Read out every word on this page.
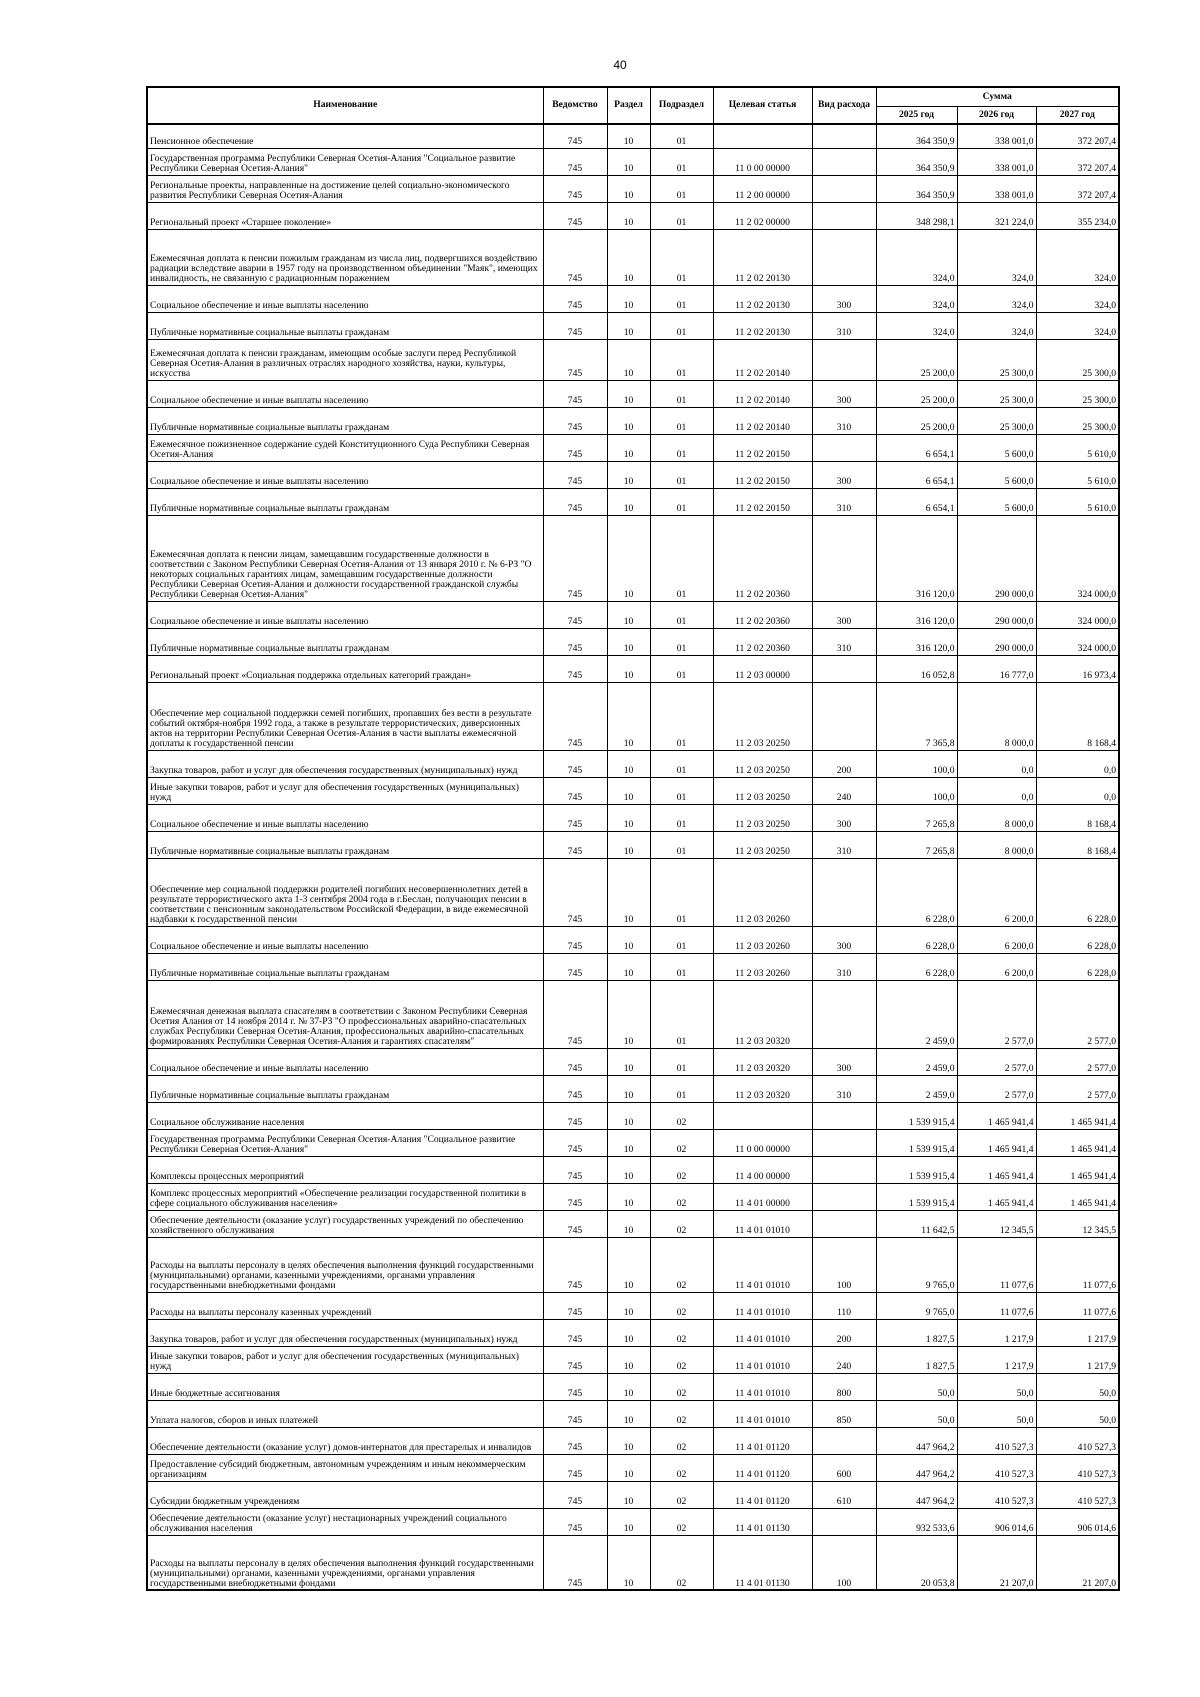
40
Наименование	Ведомство	Раздел	Подраздел	Целевая статья	Вид расхода	Сумма		
						2025 год	2026 год	2027 год
Пенсионное обеспечение	745	10	01			364 350,9	338 001,0	372 207,4
Государственная программа Республики Северная Осетия-Алания "Социальное развитие Республики Северная Осетия-Алания"	745	10	01	11 0 00 00000		364 350,9	338 001,0	372 207,4
Региональные проекты, направленные на достижение целей социально-экономического развития Республики Северная Осетия-Алания	745	10	01	11 2 00 00000		364 350,9	338 001,0	372 207,4
Региональный проект «Старшее поколение»	745	10	01	11 2 02 00000		348 298,1	321 224,0	355 234,0
Ежемесячная доплата к пенсии пожилым гражданам из числа лиц, подвергшихся воздействию радиации вследствие аварии в 1957 году на производственном объединении "Маяк", имеющих инвалидность, не связанную с радиационным поражением	745	10	01	11 2 02 20130		324,0	324,0	324,0
Социальное обеспечение и иные выплаты населению	745	10	01	11 2 02 20130	300	324,0	324,0	324,0
Публичные нормативные социальные выплаты гражданам	745	10	01	11 2 02 20130	310	324,0	324,0	324,0
Ежемесячная доплата к пенсии гражданам, имеющим особые заслуги перед Республикой Северная Осетия-Алания в различных отраслях народного хозяйства, науки, культуры, искусства	745	10	01	11 2 02 20140		25 200,0	25 300,0	25 300,0
Социальное обеспечение и иные выплаты населению	745	10	01	11 2 02 20140	300	25 200,0	25 300,0	25 300,0
Публичные нормативные социальные выплаты гражданам	745	10	01	11 2 02 20140	310	25 200,0	25 300,0	25 300,0
Ежемесячное пожизненное содержание судей Конституционного Суда Республики Северная Осетия-Алания	745	10	01	11 2 02 20150		6 654,1	5 600,0	5 610,0
Социальное обеспечение и иные выплаты населению	745	10	01	11 2 02 20150	300	6 654,1	5 600,0	5 610,0
Публичные нормативные социальные выплаты гражданам	745	10	01	11 2 02 20150	310	6 654,1	5 600,0	5 610,0
Ежемесячная доплата к пенсии лицам, замещавшим государственные должности в соответствии с Законом Республики Северная Осетия-Алания от 13 января 2010 г. № 6-РЗ "О некоторых социальных гарантиях лицам, замещавшим государственные должности Республики Северная Осетия-Алания и должности государственной гражданской службы Республики Северная Осетия-Алания"	745	10	01	11 2 02 20360		316 120,0	290 000,0	324 000,0
Социальное обеспечение и иные выплаты населению	745	10	01	11 2 02 20360	300	316 120,0	290 000,0	324 000,0
Публичные нормативные социальные выплаты гражданам	745	10	01	11 2 02 20360	310	316 120,0	290 000,0	324 000,0
Региональный проект «Социальная поддержка отдельных категорий граждан»	745	10	01	11 2 03 00000		16 052,8	16 777,0	16 973,4
Обеспечение мер социальной поддержки семей погибших, пропавших без вести в результате событий октября-ноября 1992 года, а также в результате террористических, диверсионных актов на территории Республики Северная Осетия-Алания в части выплаты ежемесячной доплаты к государственной пенсии	745	10	01	11 2 03 20250		7 365,8	8 000,0	8 168,4
Закупка товаров, работ и услуг для обеспечения государственных (муниципальных) нужд	745	10	01	11 2 03 20250	200	100,0	0,0	0,0
Иные закупки товаров, работ и услуг для обеспечения государственных (муниципальных) нужд	745	10	01	11 2 03 20250	240	100,0	0,0	0,0
Социальное обеспечение и иные выплаты населению	745	10	01	11 2 03 20250	300	7 265,8	8 000,0	8 168,4
Публичные нормативные социальные выплаты гражданам	745	10	01	11 2 03 20250	310	7 265,8	8 000,0	8 168,4
Обеспечение мер социальной поддержки родителей погибших несовершеннолетних детей в результате террористического акта 1-3 сентября 2004 года в г.Беслан, получающих пенсии в соответствии с пенсионным законодательством Российской Федерации, в виде ежемесячной надбавки к государственной пенсии	745	10	01	11 2 03 20260		6 228,0	6 200,0	6 228,0
Социальное обеспечение и иные выплаты населению	745	10	01	11 2 03 20260	300	6 228,0	6 200,0	6 228,0
Публичные нормативные социальные выплаты гражданам	745	10	01	11 2 03 20260	310	6 228,0	6 200,0	6 228,0
Ежемесячная денежная выплата спасателям в соответствии с Законом Республики Северная Осетия Алания от 14 ноября 2014 г. № 37-РЗ "О профессиональных аварийно-спасательных службах Республики Северная Осетия-Алания, профессиональных аварийно-спасательных формированиях Республики Северная Осетия-Алания и гарантиях спасателям"	745	10	01	11 2 03 20320		2 459,0	2 577,0	2 577,0
Социальное обеспечение и иные выплаты населению	745	10	01	11 2 03 20320	300	2 459,0	2 577,0	2 577,0
Публичные нормативные социальные выплаты гражданам	745	10	01	11 2 03 20320	310	2 459,0	2 577,0	2 577,0
Социальное обслуживание населения	745	10	02			1 539 915,4	1 465 941,4	1 465 941,4
Государственная программа Республики Северная Осетия-Алания "Социальное развитие Республики Северная Осетия-Алания"	745	10	02	11 0 00 00000		1 539 915,4	1 465 941,4	1 465 941,4
Комплексы процессных мероприятий	745	10	02	11 4 00 00000		1 539 915,4	1 465 941,4	1 465 941,4
Комплекс процессных мероприятий «Обеспечение реализации государственной политики в сфере социального обслуживания населения»	745	10	02	11 4 01 00000		1 539 915,4	1 465 941,4	1 465 941,4
Обеспечение деятельности (оказание услуг) государственных учреждений по обеспечению хозяйственного обслуживания	745	10	02	11 4 01 01010		11 642,5	12 345,5	12 345,5
Расходы на выплаты персоналу в целях обеспечения выполнения функций государственными (муниципальными) органами, казенными учреждениями, органами управления государственными внебюджетными фондами	745	10	02	11 4 01 01010	100	9 765,0	11 077,6	11 077,6
Расходы на выплаты персоналу казенных учреждений	745	10	02	11 4 01 01010	110	9 765,0	11 077,6	11 077,6
Закупка товаров, работ и услуг для обеспечения государственных (муниципальных) нужд	745	10	02	11 4 01 01010	200	1 827,5	1 217,9	1 217,9
Иные закупки товаров, работ и услуг для обеспечения государственных (муниципальных) нужд	745	10	02	11 4 01 01010	240	1 827,5	1 217,9	1 217,9
Иные бюджетные ассигнования	745	10	02	11 4 01 01010	800	50,0	50,0	50,0
Уплата налогов, сборов и иных платежей	745	10	02	11 4 01 01010	850	50,0	50,0	50,0
Обеспечение деятельности (оказание услуг) домов-интернатов для престарелых и инвалидов	745	10	02	11 4 01 01120		447 964,2	410 527,3	410 527,3
Предоставление субсидий бюджетным, автономным учреждениям и иным некоммерческим организациям	745	10	02	11 4 01 01120	600	447 964,2	410 527,3	410 527,3
Субсидии бюджетным учреждениям	745	10	02	11 4 01 01120	610	447 964,2	410 527,3	410 527,3
Обеспечение деятельности (оказание услуг) нестационарных учреждений социального обслуживания населения	745	10	02	11 4 01 01130		932 533,6	906 014,6	906 014,6
Расходы на выплаты персоналу в целях обеспечения выполнения функций государственными (муниципальными) органами, казенными учреждениями, органами управления государственными внебюджетными фондами	745	10	02	11 4 01 01130	100	20 053,8	21 207,0	21 207,0
